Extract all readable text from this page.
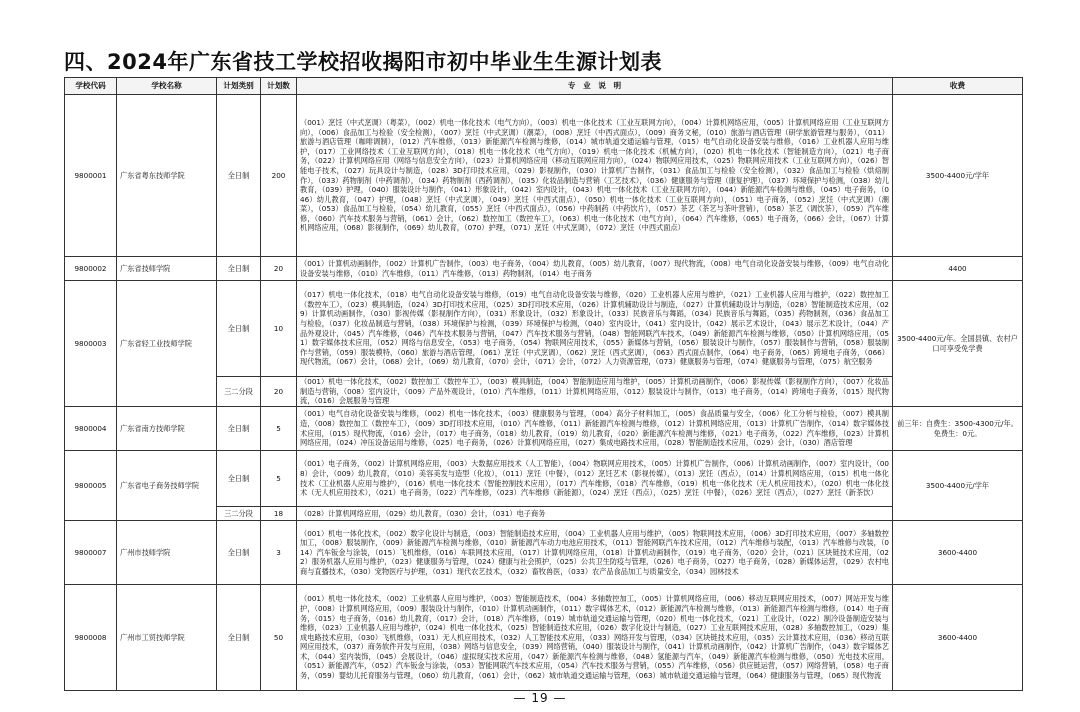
四、2024年广东省技工学校招收揭阳市初中毕业生生源计划表
学校代码	学校名称	计划类别	计划数	专　业　说　明	收费
9800001	广东省粤东技师学院	全日制	200	（001）烹饪（中式烹调）（粤菜），（002）机电一体化技术（电气方向），（003）机电一体化技术（工业互联网方向），（004）计算机网络应用，（005）计算机网络应用（工业互联网方向），（006）食品加工与检验（安全检测），（007）烹饪（中式烹调）（潮菜），（008）烹饪（中西式面点），（009）商务文秘，（010）旅游与酒店管理（研学旅游管理与服务），（011）旅游与酒店管理（咖啡调制），（012）汽车维修，（013）新能源汽车检测与维修，（014）城市轨道交通运输与管理，（015）电气自动化设备安装与维修，（016）工业机器人应用与维护，（017）工业网络技术（工业互联网方向），（018）机电一体化技术（电气方向），（019）机电一体化技术（机械方向），（020）机电一体化技术（智能制造方向），（021）电子商务，（022）计算机网络应用（网络与信息安全方向），（023）计算机网络应用（移动互联网应用方向），（024）物联网应用技术，（025）物联网应用技术（工业互联网方向），（026）智能电子技术，（027）玩具设计与制造，（028）3D打印技术应用，（029）影视制作，（030）计算机广告制作，（031）食品加工与检验（安全检测），（032）食品加工与检验（烘焙制作），（033）药物制剂（中药调剂），（034）药物制剂（西药调剂），（035）化妆品制造与营销（工艺技术），（036）健康服务与管理（康复护理），（037）环境保护与检测，（038）幼儿教育，（039）护理，（040）服装设计与制作，（041）形象设计，（042）室内设计，（043）机电一体化技术（工业互联网方向），（044）新能源汽车检测与维修，（045）电子商务，（046）幼儿教育，（047）护理，（048）烹饪（中式烹调），（049）烹饪（中西式面点），（050）机电一体化技术（工业互联网方向），（051）电子商务，（052）烹饪（中式烹调）（潮菜），（053）食品加工与检验，（054）幼儿教育，（055）烹饪（中西式面点），（056）中药制药（中药饮片），（057）茶艺（茶艺与茶叶营销），（058）茶艺（调饮茶），（059）汽车维修，（060）汽车技术服务与营销，（061）会计，（062）数控加工（数控车工），（063）机电一体化技术（电气方向），（064）汽车维修，（065）电子商务，（066）会计，（067）计算机网络应用，（068）影视制作，（069）幼儿教育，（070）护理，（071）烹饪（中式烹调），（072）烹饪（中西式面点）	3500-4400元/学年
9800002	广东省技师学院	全日制	20	（001）计算机动画制作，（002）计算机广告制作，（003）电子商务，（004）幼儿教育，（005）幼儿教育，（007）现代物流，（008）电气自动化设备安装与维修，（009）电气自动化设备安装与维修，（010）汽车维修，（011）汽车维修，（013）药物制剂，（014）电子商务	4400
9800003	广东省轻工业技师学院	全日制	10	（017）机电一体化技术，（018）电气自动化设备安装与维修，（019）电气自动化设备安装与维修，（020）工业机器人应用与维护，（021）工业机器人应用与维护，（022）数控加工（数控车工），（023）模具制造，（024）3D打印技术应用，（025）3D打印技术应用，（026）计算机辅助设计与制造，（027）计算机辅助设计与制造，（028）智能制造技术应用，（029）计算机动画制作，（030）影视传媒（影视制作方向），（031）形象设计，（032）形象设计，（033）民族音乐与舞蹈，（034）民族音乐与舞蹈，（035）药物制剂，（036）食品加工与检验，（037）化妆品制造与营销，（038）环境保护与检测，（039）环境保护与检测，（040）室内设计，（041）室内设计，（042）展示艺术设计，（043）展示艺术设计，（044）产品外观设计，（045）汽车维修，（046）汽车技术服务与营销，（047）汽车技术服务与营销，（048）智能网联汽车技术，（049）新能源汽车检测与维修，（050）计算机网络应用，（051）数字媒体技术应用，（052）网络与信息安全，（053）电子商务，（054）物联网应用技术，（055）新媒体与营销，（056）服装设计与制作，（057）服装制作与营销，（058）服装制作与营销，（059）服装模特，（060）旅游与酒店管理，（061）烹饪（中式烹调），（062）烹饪（西式烹调），（063）西式面点制作，（064）电子商务，（065）跨境电子商务，（066）现代物流，（067）会计，（068）会计，（069）幼儿教育，（070）会计，（071）会计，（072）人力资源管理，（073）健康服务与管理，（074）健康服务与管理，（075）航空服务	3500-4400元/年。全国县镇、农村户口可享受免学费
		三二分段	20	（001）机电一体化技术，（002）数控加工（数控车工），（003）模具制造，（004）智能制造应用与维护，（005）计算机动画制作，（006）影视传媒（影视制作方向），（007）化妆品制造与营销，（008）室内设计，（009）产品外观设计，（010）汽车维修，（011）计算机网络应用，（012）服装设计与制作，（013）电子商务，（014）跨境电子商务，（015）现代物流，（016）会展服务与管理	
9800004	广东省南方技师学院	全日制	5	（001）电气自动化设备安装与维修，（002）机电一体化技术，（003）健康服务与管理，（004）高分子材料加工，（005）食品质量与安全，（006）化工分析与检验，（007）模具制造，（008）数控加工（数控车工），（009）3D打印技术应用，（010）汽车维修，（011）新能源汽车检测与维修，（012）计算机网络应用，（013）计算机广告制作，（014）数字媒体技术应用，（015）现代物流，（016）会计，（017）电子商务，（018）幼儿教育，（019）幼儿教育，（020）新能源汽车检测与维修，（021）电子商务，（022）汽车维修，（023）计算机网络应用，（024）冲压设备运用与维修，（025）电子商务，（026）计算机网络应用，（027）集成电路技术应用，（028）智能制造技术应用，（029）会计，（030）酒店管理	前三年：自费生：3500-4300元/年。免费生：0元。
9800005	广东省电子商务技师学院	全日制	5	（001）电子商务，（002）计算机网络应用，（003）大数据应用技术（人工智能），（004）物联网应用技术，（005）计算机广告制作，（006）计算机动画制作，（007）室内设计，（008）会计，（009）幼儿教育，（010）美容美发与造型（化妆），（011）烹饪（中餐），（012）烹饪艺术（影视传媒），（013）烹饪（西点），（014）计算机网络应用，（015）机电一体化技术（工业机器人应用与维护），（016）机电一体化技术（智能控制技术应用），（017）汽车维修，（018）汽车维修，（019）机电一体化技术（无人机应用技术），（020）机电一体化技术（无人机应用技术），（021）电子商务，（022）汽车维修，（023）汽车维修（新能源），（024）烹饪（西点），（025）烹饪（中餐），（026）烹饪（西点），（027）烹饪（新茶饮）	3500-4400元/学年
		三二分段	18	（028）计算机网络应用，（029）幼儿教育，（030）会计，（031）电子商务	
9800007	广州市技师学院	全日制	3	（001）机电一体化技术，（002）数字化设计与制造，（003）智能制造技术应用，（004）工业机器人应用与维护，（005）物联网技术应用，（006）3D打印技术应用，（007）多轴数控加工，（008）服装制作，（009）新能源汽车检测与维修，（010）新能源汽车动力电池应用技术，（011）智能网联汽车技术应用，（012）汽车维修与装配，（013）汽车维修与改装，（014）汽车钣金与涂装，（015）飞机维修，（016）车联网技术应用，（017）计算机网络应用，（018）计算机动画制作，（019）电子商务，（020）会计，（021）区块链技术应用，（022）服务机器人应用与维护，（023）健康服务与管理，（024）健康与社会照护，（025）公共卫生防疫与管理，（026）电子商务，（027）电子商务，（028）新媒体运营，（029）农村电商与直播技术，（030）宠物医疗与护理，（031）现代农艺技术，（032）畜牧兽医，（033）农产品食品加工与质量安全，（034）园林技术	3600-4400
9800008	广州市工贸技师学院	全日制	50	（001）机电一体化技术，（002）工业机器人应用与维护，（003）智能制造技术，（004）多轴数控加工，（005）计算机网络应用，（006）移动互联网应用技术，（007）网站开发与维护，（008）计算机网络应用，（009）服装设计与制作，（010）计算机动画制作，（011）数字媒体艺术，（012）新能源汽车检测与维修，（013）新能源汽车检测与维修，（014）电子商务，（015）电子商务，（016）幼儿教育，（017）会计，（018）汽车维修，（019）城市轨道交通运输与管理，（020）机电一体化技术，（021）工业设计，（022）制冷设备制造安装与维修，（023）工业机器人应用与维护，（024）机电一体化技术，（025）智能制造技术应用，（026）数字化设计与制造，（027）工业互联网技术应用，（028）多轴数控加工，（029）集成电路技术应用，（030）飞机维修，（031）无人机应用技术，（032）人工智能技术应用，（033）网络开发与管理，（034）区块链技术应用，（035）云计算技术应用，（036）移动互联网应用技术，（037）商务软件开发与应用，（038）网络与信息安全，（039）网络营销，（040）服装设计与制作，（041）计算机动画制作，（042）计算机广告制作，（043）数字媒体艺术，（044）室内装饰，（045）会展设计，（046）虚拟现实技术应用，（047）新能源汽车检测与维修，（048）氢能源与汽车，（049）新能源汽车检测与维修，（050）光电技术应用，（051）新能源汽车，（052）汽车钣金与涂装，（053）智能网联汽车技术应用，（054）汽车技术服务与营销，（055）汽车维修，（056）供应链运营，（057）网络营销，（058）电子商务，（059）婴幼儿托育服务与管理，（060）幼儿教育，（061）会计，（062）城市轨道交通运输与管理，（063）城市轨道交通运输与管理，（064）健康服务与管理，（065）现代物流	3600-4400
— 19 —
